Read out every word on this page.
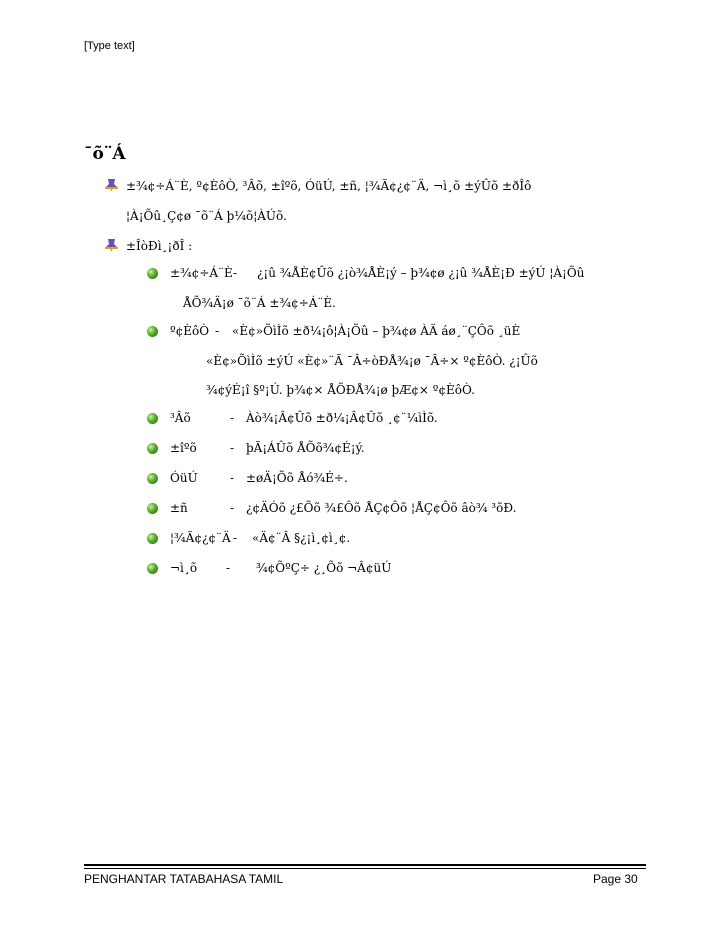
[Type text]
¯õ¨Á
±¾¢÷Á¨È, º¢ÈôÒ, ³Âõ, ±îºõ, ÓüÚ, ±ñ, ¦¾Ã¢¿¢¨Ä, ¬ì¸õ ±ýÛõ ±ðÎô
¦À¡Õû¸Ç¢ø ¯õ¨Á þ¼õ¦ÀÚõ.
±ÎòÐì¸¡ðÎ :
±¾¢÷Á¨È - ¿¡û ¾ÅÈ¢Ûõ ¿¡ò¾ÅÈ¡ý – þ¾¢ø ¿¡û ¾ÅÈ¡Ð ±ýÚ ¦À¡Õû
ÅÕ¾Ä¡ø ¯õ¨Á ±¾¢÷Á¨È.
º¢ÈôÒ - «È¢»ÕìÌõ ±ð¼¡ô¦À¡Õû – þ¾¢ø ÀÄ áø¸¨ÇÔõ ¸üÈ
«È¢»ÕìÌõ ±ýÚ «È¢»¨Ã ¯Â÷òÐÅ¾¡ø ¯Â÷× º¢ÈôÒ. ¿¡Ûõ
¾¢ýÉ¡î §º¡Ú. þ¾¢× ÅÕÐÅ¾¡ø þÆ¢× º¢ÈôÒ.
³Âõ	- Àò¾¡Â¢Ûõ ±ð¼¡Â¢Ûõ ¸¢¨¼ìÌõ.
±îºõ	- þÃ¡ÁÛõ ÅÕõ¾¢É¡ý.
ÓüÚ	- ±øÄ¡Õõ Åó¾É÷.
±ñ	- ¿¢ÄÓõ ¿£Õõ ¾£Ôõ ÅÇ¢Ôõ ¦ÅÇ¢Ôõ âò¾ ³õÐ.
¦¾Ã¢¿¢¨Ä - «Ä¢¨Â §¿¡ì¸¢ì¸¢.
¬ì¸õ - ¾¢ÕºÇ÷ ¿¸Õõ ¬Â¢üÚ
PENGHANTAR TATABAHASA TAMIL	Page 30
